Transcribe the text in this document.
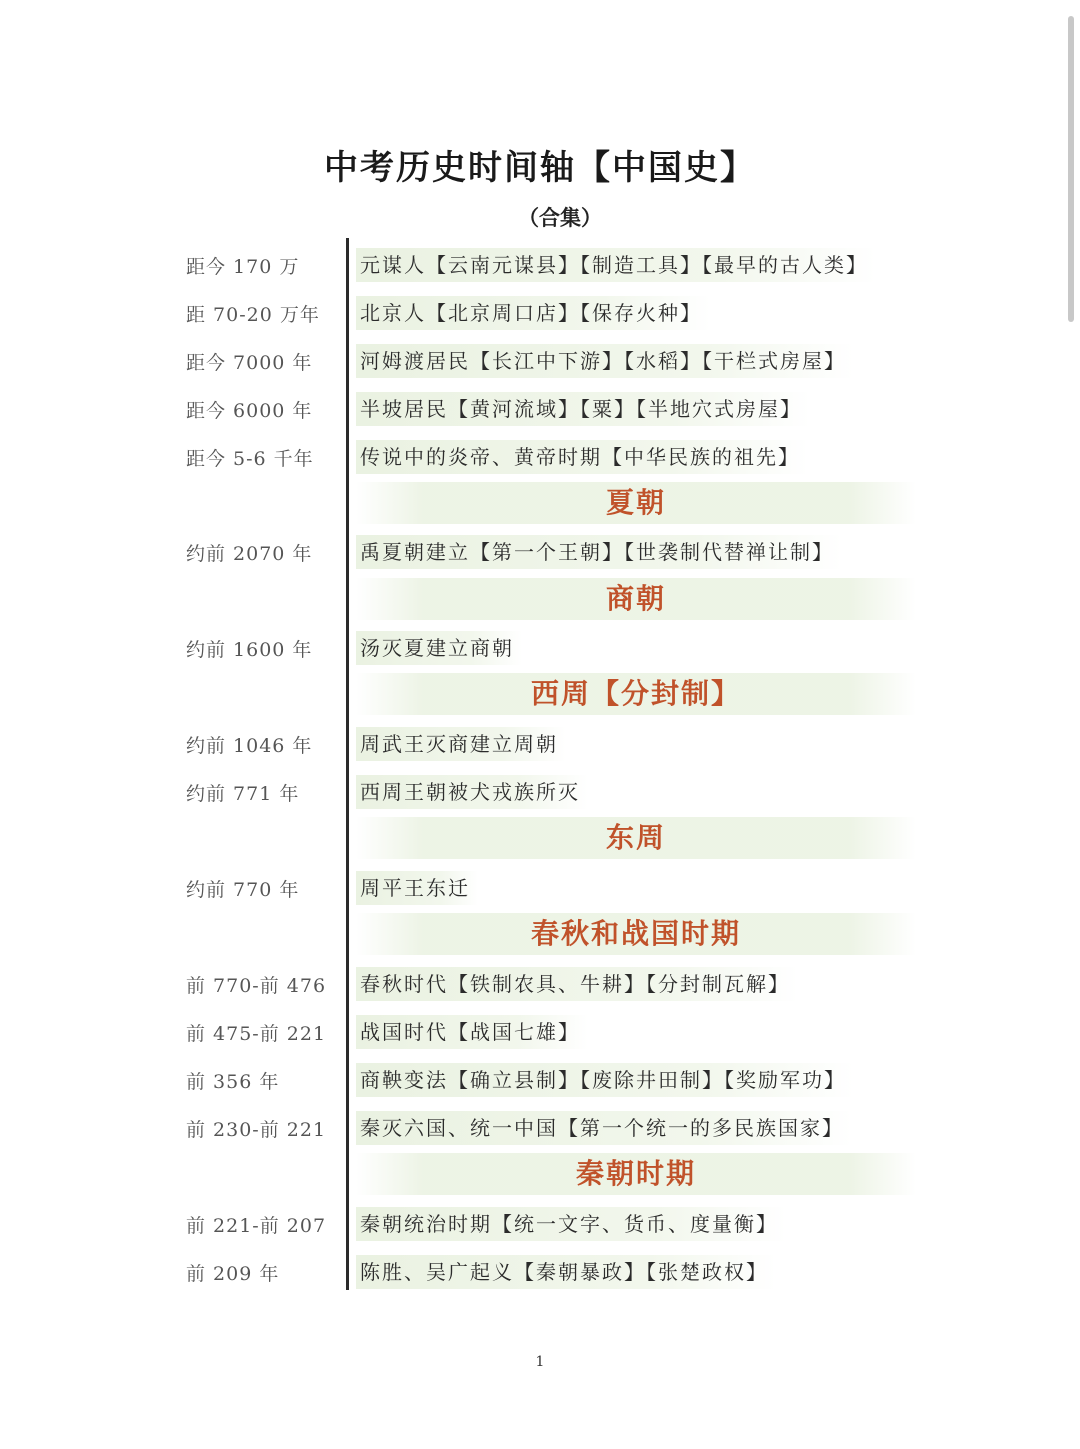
中考历史时间轴【中国史】
（合集）
距今 170 万	元谋人【云南元谋县】【制造工具】【最早的古人类】
距 70-20 万年 北京人【北京周口店】【保存火种】
距今 7000 年 河姆渡居民【长江中下游】【水稻】【干栏式房屋】
距今 6000 年 半坡居民【黄河流域】【粟】【半地穴式房屋】
距今 5-6 千年 传说中的炎帝、黄帝时期【中华民族的祖先】
夏朝
约前 2070 年 禹夏朝建立【第一个王朝】【世袭制代替禅让制】
商朝
约前 1600 年 汤灭夏建立商朝
西周【分封制】
约前 1046 年 周武王灭商建立周朝
约前 771 年	西周王朝被犬戎族所灭
东周
约前 770 年	周平王东迁
春秋和战国时期
前 770-前 476 春秋时代【铁制农具、牛耕】【分封制瓦解】
前 475-前 221 战国时代【战国七雄】
前 356 年	商鞅变法【确立县制】【废除井田制】【奖励军功】
前 230-前 221 秦灭六国、统一中国【第一个统一的多民族国家】
秦朝时期
前 221-前 207 秦朝统治时期【统一文字、货币、度量衡】
前 209 年	陈胜、吴广起义【秦朝暴政】【张楚政权】
1
